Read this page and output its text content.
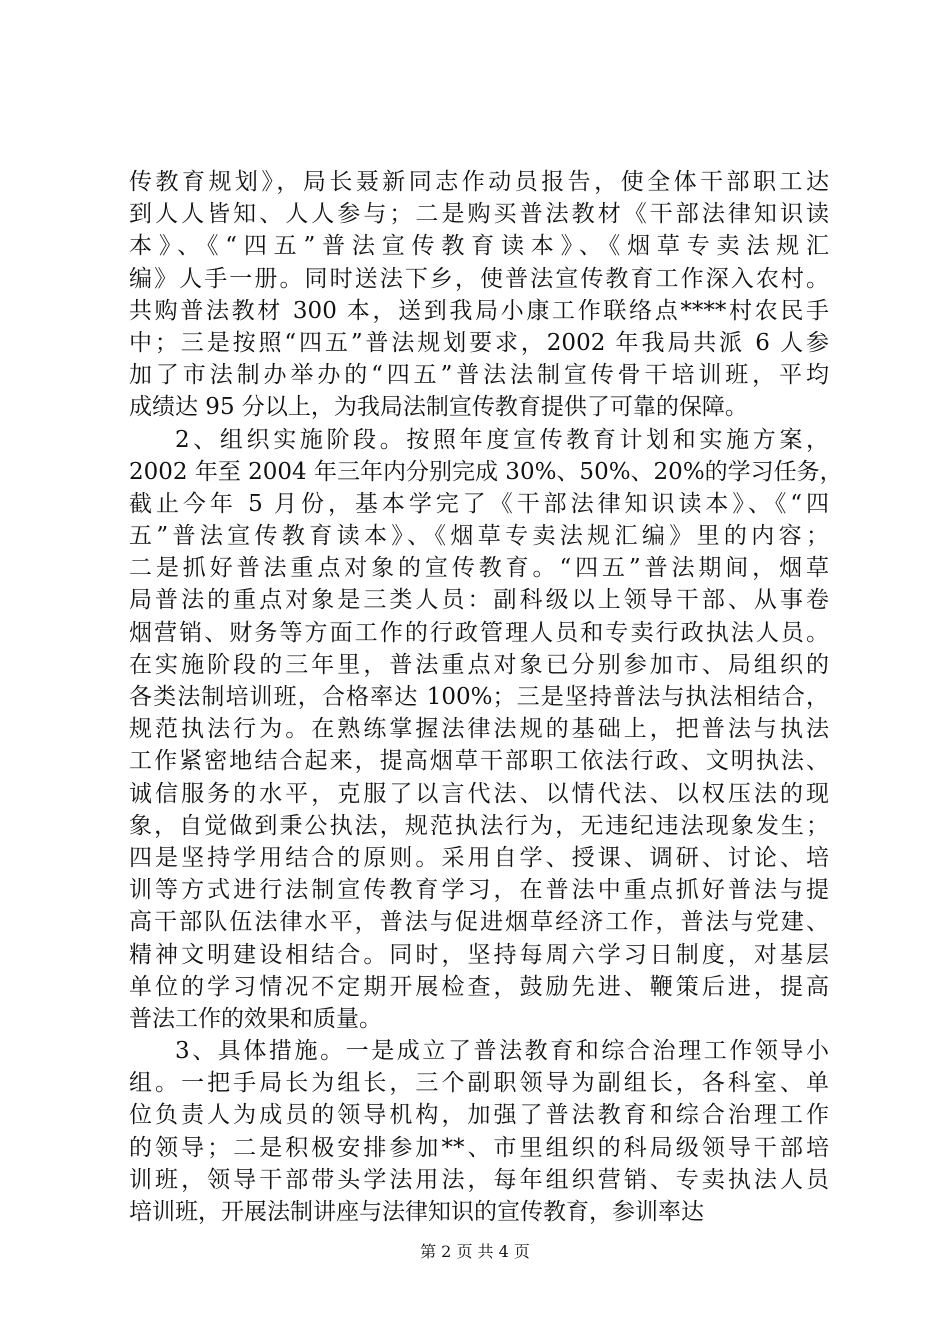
传教育规划》，局长聂新同志作动员报告，使全体干部职工达
到人人皆知、人人参与；二是购买普法教材《干部法律知识读
本》、《“四五”普法宣传教育读本》、《烟草专卖法规汇
编》人手一册。同时送法下乡，使普法宣传教育工作深入农村。
共购普法教材 300 本，送到我局小康工作联络点****村农民手
中；三是按照“四五”普法规划要求，2002 年我局共派 6 人参
加了市法制办举办的“四五”普法法制宣传骨干培训班，平均
成绩达 95 分以上，为我局法制宣传教育提供了可靠的保障。
2、组织实施阶段。按照年度宣传教育计划和实施方案，
2002 年至 2004 年三年内分别完成 30%、50%、20%的学习任务，
截止今年 5 月份，基本学完了《干部法律知识读本》、《“四
五”普法宣传教育读本》、《烟草专卖法规汇编》里的内容；
二是抓好普法重点对象的宣传教育。“四五”普法期间，烟草
局普法的重点对象是三类人员：副科级以上领导干部、从事卷
烟营销、财务等方面工作的行政管理人员和专卖行政执法人员。
在实施阶段的三年里，普法重点对象已分别参加市、局组织的
各类法制培训班，合格率达 100%；三是坚持普法与执法相结合，
规范执法行为。在熟练掌握法律法规的基础上，把普法与执法
工作紧密地结合起来，提高烟草干部职工依法行政、文明执法、
诚信服务的水平，克服了以言代法、以情代法、以权压法的现
象，自觉做到秉公执法，规范执法行为，无违纪违法现象发生；
四是坚持学用结合的原则。采用自学、授课、调研、讨论、培
训等方式进行法制宣传教育学习，在普法中重点抓好普法与提
高干部队伍法律水平，普法与促进烟草经济工作，普法与党建、
精神文明建设相结合。同时，坚持每周六学习日制度，对基层
单位的学习情况不定期开展检查，鼓励先进、鞭策后进，提高
普法工作的效果和质量。
3、具体措施。一是成立了普法教育和综合治理工作领导小
组。一把手局长为组长，三个副职领导为副组长，各科室、单
位负责人为成员的领导机构，加强了普法教育和综合治理工作
的领导；二是积极安排参加**、市里组织的科局级领导干部培
训班，领导干部带头学法用法，每年组织营销、专卖执法人员
培训班，开展法制讲座与法律知识的宣传教育，参训率达
第 2 页 共 4 页
